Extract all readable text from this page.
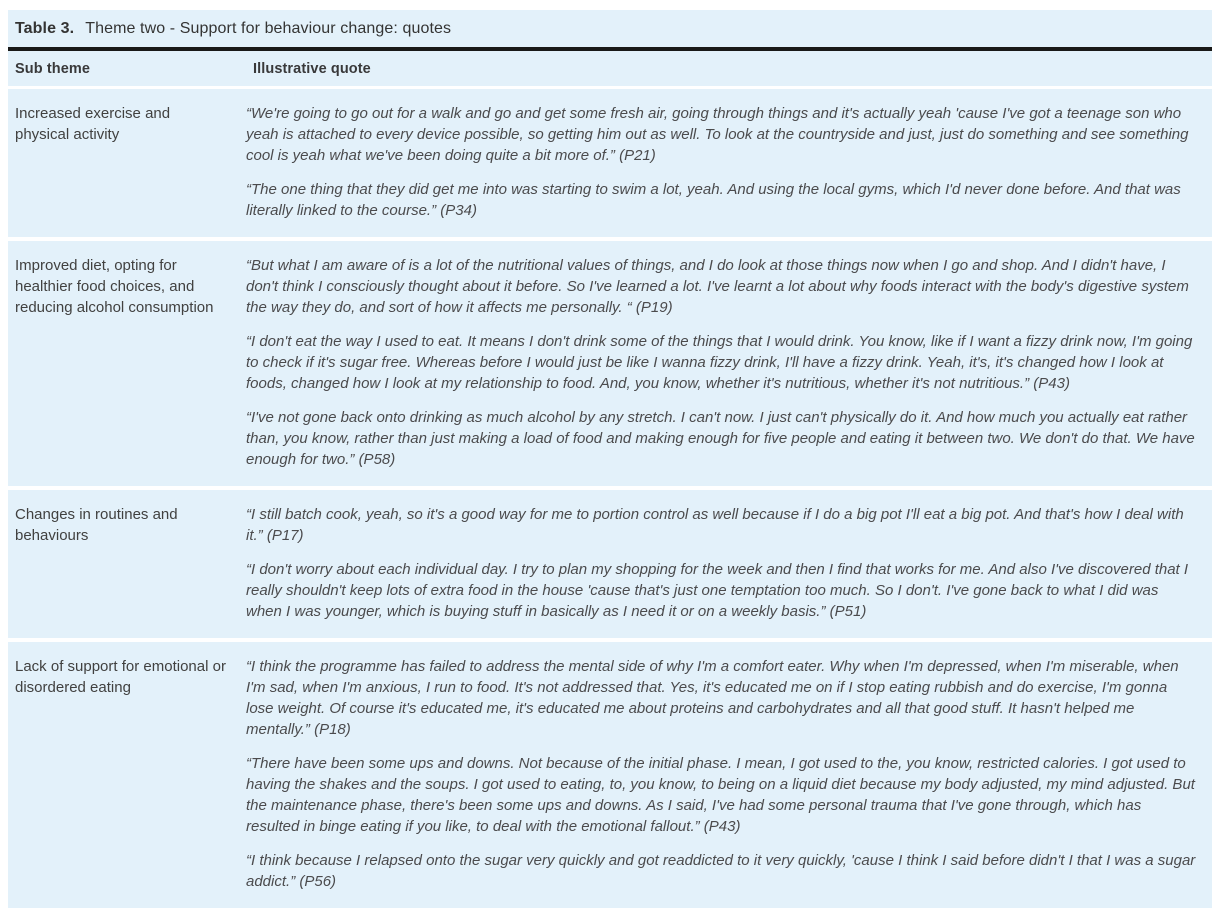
Table 3. Theme two - Support for behaviour change: quotes
Sub theme	Illustrative quote
Increased exercise and physical activity

“We're going to go out for a walk and go and get some fresh air, going through things and it's actually yeah 'cause I've got a teenage son who yeah is attached to every device possible, so getting him out as well. To look at the countryside and just, just do something and see something cool is yeah what we've been doing quite a bit more of.” (P21)

“The one thing that they did get me into was starting to swim a lot, yeah. And using the local gyms, which I'd never done before. And that was literally linked to the course.” (P34)

Improved diet, opting for healthier food choices, and reducing alcohol consumption

“But what I am aware of is a lot of the nutritional values of things, and I do look at those things now when I go and shop. And I didn't have, I don't think I consciously thought about it before. So I've learned a lot. I've learnt a lot about why foods interact with the body's digestive system the way they do, and sort of how it affects me personally. “ (P19)

“I don't eat the way I used to eat. It means I don't drink some of the things that I would drink. You know, like if I want a fizzy drink now, I'm going to check if it's sugar free. Whereas before I would just be like I wanna fizzy drink, I'll have a fizzy drink. Yeah, it's, it's changed how I look at foods, changed how I look at my relationship to food. And, you know, whether it's nutritious, whether it's not nutritious.” (P43)

“I've not gone back onto drinking as much alcohol by any stretch. I can't now. I just can't physically do it. And how much you actually eat rather than, you know, rather than just making a load of food and making enough for five people and eating it between two. We don't do that. We have enough for two.” (P58)

Changes in routines and behaviours

“I still batch cook, yeah, so it's a good way for me to portion control as well because if I do a big pot I'll eat a big pot. And that's how I deal with it.” (P17)

“I don't worry about each individual day. I try to plan my shopping for the week and then I find that works for me. And also I've discovered that I really shouldn't keep lots of extra food in the house 'cause that's just one temptation too much. So I don't. I've gone back to what I did was when I was younger, which is buying stuff in basically as I need it or on a weekly basis.” (P51)

Lack of support for emotional or disordered eating

“I think the programme has failed to address the mental side of why I'm a comfort eater. Why when I'm depressed, when I'm miserable, when I'm sad, when I'm anxious, I run to food. It's not addressed that. Yes, it's educated me on if I stop eating rubbish and do exercise, I'm gonna lose weight. Of course it's educated me, it's educated me about proteins and carbohydrates and all that good stuff. It hasn't helped me mentally.” (P18)

“There have been some ups and downs. Not because of the initial phase. I mean, I got used to the, you know, restricted calories. I got used to having the shakes and the soups. I got used to eating, to, you know, to being on a liquid diet because my body adjusted, my mind adjusted. But the maintenance phase, there's been some ups and downs. As I said, I've had some personal trauma that I've gone through, which has resulted in binge eating if you like, to deal with the emotional fallout.” (P43)

“I think because I relapsed onto the sugar very quickly and got readdicted to it very quickly, 'cause I think I said before didn't I that I was a sugar addict.” (P56)
